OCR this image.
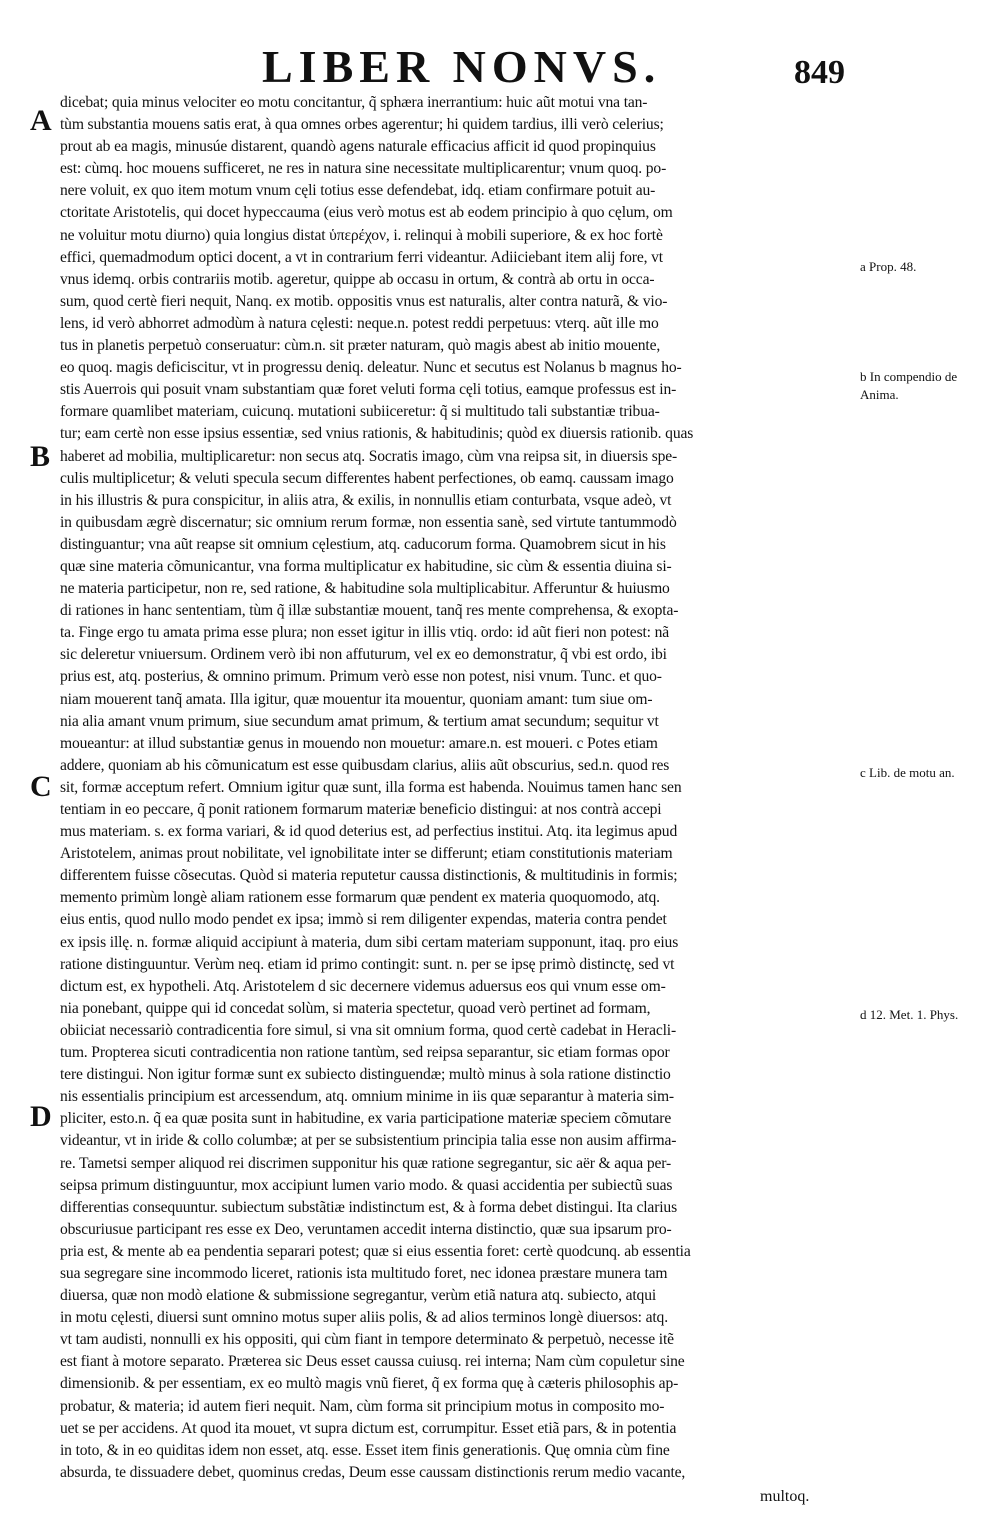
LIBER NONVS.	849
A
B
C
D
a Prop. 48.
b In compendio de Anima.
c Lib. de motu an.
d 12. Met. 1. Phys.
dicebat; quia minus velociter eo motu concitantur, q̃ sphæra inerrantium: huic aũt motui vna tan-
tùm substantia mouens satis erat, à qua omnes orbes agerentur; hi quidem tardius, illi verò celerius;
prout ab ea magis, minusúe distarent, quandò agens naturale efficacius afficit id quod propinquius
est: cùmq. hoc mouens sufficeret, ne res in natura sine necessitate multiplicarentur; vnum quoq. po-
nere voluit, ex quo item motum vnum cęli totius esse defendebat, idq. etiam confirmare potuit au-
ctoritate Aristotelis, qui docet hypeccauma (eius verò motus est ab eodem principio à quo cęlum, om
ne voluitur motu diurno) quia longius distat ὑπερέχον, i. relinqui à mobili superiore, & ex hoc fortè
effici, quemadmodum optici docent, a vt in contrarium ferri videantur. Adiiciebant item alij fore, vt
vnus idemq. orbis contrariis motib. ageretur, quippe ab occasu in ortum, & contrà ab ortu in occa-
sum, quod certè fieri nequit, Nanq. ex motib. oppositis vnus est naturalis, alter contra naturã, & vio-
lens, id verò abhorret admodùm à natura cęlesti: neque.n. potest reddi perpetuus: vterq. aũt ille mo
tus in planetis perpetuò conseruatur: cùm.n. sit præter naturam, quò magis abest ab initio mouente,
eo quoq. magis deficiscitur, vt in progressu deniq. deleatur. Nunc et secutus est Nolanus b magnus ho-
stis Auerrois qui posuit vnam substantiam quæ foret veluti forma cęli totius, eamque professus est in-
formare quamlibet materiam, cuicunq. mutationi subiiceretur: q̃ si multitudo tali substantiæ tribua-
tur; eam certè non esse ipsius essentiæ, sed vnius rationis, & habitudinis; quòd ex diuersis rationib. quas
haberet ad mobilia, multiplicaretur: non secus atq. Socratis imago, cùm vna reipsa sit, in diuersis spe-
culis multiplicetur; & veluti specula secum differentes habent perfectiones, ob eamq. caussam imago
in his illustris & pura conspicitur, in aliis atra, & exilis, in nonnullis etiam conturbata, vsque adeò, vt
in quibusdam ægrè discernatur; sic omnium rerum formæ, non essentia sanè, sed virtute tantummodò
distinguantur; vna aũt reapse sit omnium cęlestium, atq. caducorum forma. Quamobrem sicut in his
quæ sine materia cõmunicantur, vna forma multiplicatur ex habitudine, sic cùm & essentia diuina si-
ne materia participetur, non re, sed ratione, & habitudine sola multiplicabitur. Afferuntur & huiusmo
di rationes in hanc sententiam, tùm q̃ illæ substantiæ mouent, tanq̃ res mente comprehensa, & exopta-
ta. Finge ergo tu amata prima esse plura; non esset igitur in illis vtiq. ordo: id aũt fieri non potest: nã
sic deleretur vniuersum. Ordinem verò ibi non affuturum, vel ex eo demonstratur, q̃ vbi est ordo, ibi
prius est, atq. posterius, & omnino primum. Primum verò esse non potest, nisi vnum. Tunc. et quo-
niam mouerent tanq̃ amata. Illa igitur, quæ mouentur ita mouentur, quoniam amant: tum siue om-
nia alia amant vnum primum, siue secundum amat primum, & tertium amat secundum; sequitur vt
moueantur: at illud substantiæ genus in mouendo non mouetur: amare.n. est moueri. c Potes etiam
addere, quoniam ab his cõmunicatum est esse quibusdam clarius, aliis aũt obscurius, sed.n. quod res
sit, formæ acceptum refert. Omnium igitur quæ sunt, illa forma est habenda. Nouimus tamen hanc sen
tentiam in eo peccare, q̃ ponit rationem formarum materiæ beneficio distingui: at nos contrà accepi
mus materiam. s. ex forma variari, & id quod deterius est, ad perfectius institui. Atq. ita legimus apud
Aristotelem, animas prout nobilitate, vel ignobilitate inter se differunt; etiam constitutionis materiam
differentem fuisse cõsecutas. Quòd si materia reputetur caussa distinctionis, & multitudinis in formis;
memento primùm longè aliam rationem esse formarum quæ pendent ex materia quoquomodo, atq.
eius entis, quod nullo modo pendet ex ipsa; immò si rem diligenter expendas, materia contra pendet
ex ipsis illę. n. formæ aliquid accipiunt à materia, dum sibi certam materiam supponunt, itaq. pro eius
ratione distinguuntur. Verùm neq. etiam id primo contingit: sunt. n. per se ipsę primò distinctę, sed vt
dictum est, ex hypotheli. Atq. Aristotelem d sic decernere videmus aduersus eos qui vnum esse om-
nia ponebant, quippe qui id concedat solùm, si materia spectetur, quoad verò pertinet ad formam,
obiiciat necessariò contradicentia fore simul, si vna sit omnium forma, quod certè cadebat in Heracli-
tum. Propterea sicuti contradicentia non ratione tantùm, sed reipsa separantur, sic etiam formas opor
tere distingui. Non igitur formæ sunt ex subiecto distinguendæ; multò minus à sola ratione distinctio
nis essentialis principium est arcessendum, atq. omnium minime in iis quæ separantur à materia sim-
pliciter, esto.n. q̃ ea quæ posita sunt in habitudine, ex varia participatione materiæ speciem cõmutare
videantur, vt in iride & collo columbæ; at per se subsistentium principia talia esse non ausim affirma-
re. Tametsi semper aliquod rei discrimen supponitur his quæ ratione segregantur, sic aër & aqua per-
seipsa primum distinguuntur, mox accipiunt lumen vario modo. & quasi accidentia per subiectũ suas
differentias consequuntur. subiectum substãtiæ indistinctum est, & à forma debet distingui. Ita clarius
obscuriusue participant res esse ex Deo, veruntamen accedit interna distinctio, quæ sua ipsarum pro-
pria est, & mente ab ea pendentia separari potest; quæ si eius essentia foret: certè quodcunq. ab essentia
sua segregare sine incommodo liceret, rationis ista multitudo foret, nec idonea præstare munera tam
diuersa, quæ non modò elatione & submissione segregantur, verùm etiã natura atq. subiecto, atqui
in motu cęlesti, diuersi sunt omnino motus super aliis polis, & ad alios terminos longè diuersos: atq.
vt tam audisti, nonnulli ex his oppositi, qui cùm fiant in tempore determinato & perpetuò, necesse itẽ
est fiant à motore separato. Præterea sic Deus esset caussa cuiusq. rei interna; Nam cùm copuletur sine
dimensionib. & per essentiam, ex eo multò magis vnũ fieret, q̃ ex forma quę à cæteris philosophis ap-
probatur, & materia; id autem fieri nequit. Nam, cùm forma sit principium motus in composito mo-
uet se per accidens. At quod ita mouet, vt supra dictum est, corrumpitur. Esset etiã pars, & in potentia
in toto, & in eo quiditas idem non esset, atq. esse. Esset item finis generationis. Quę omnia cùm fine
absurda, te dissuadere debet, quominus credas, Deum esse caussam distinctionis rerum medio vacante,
multoq.
